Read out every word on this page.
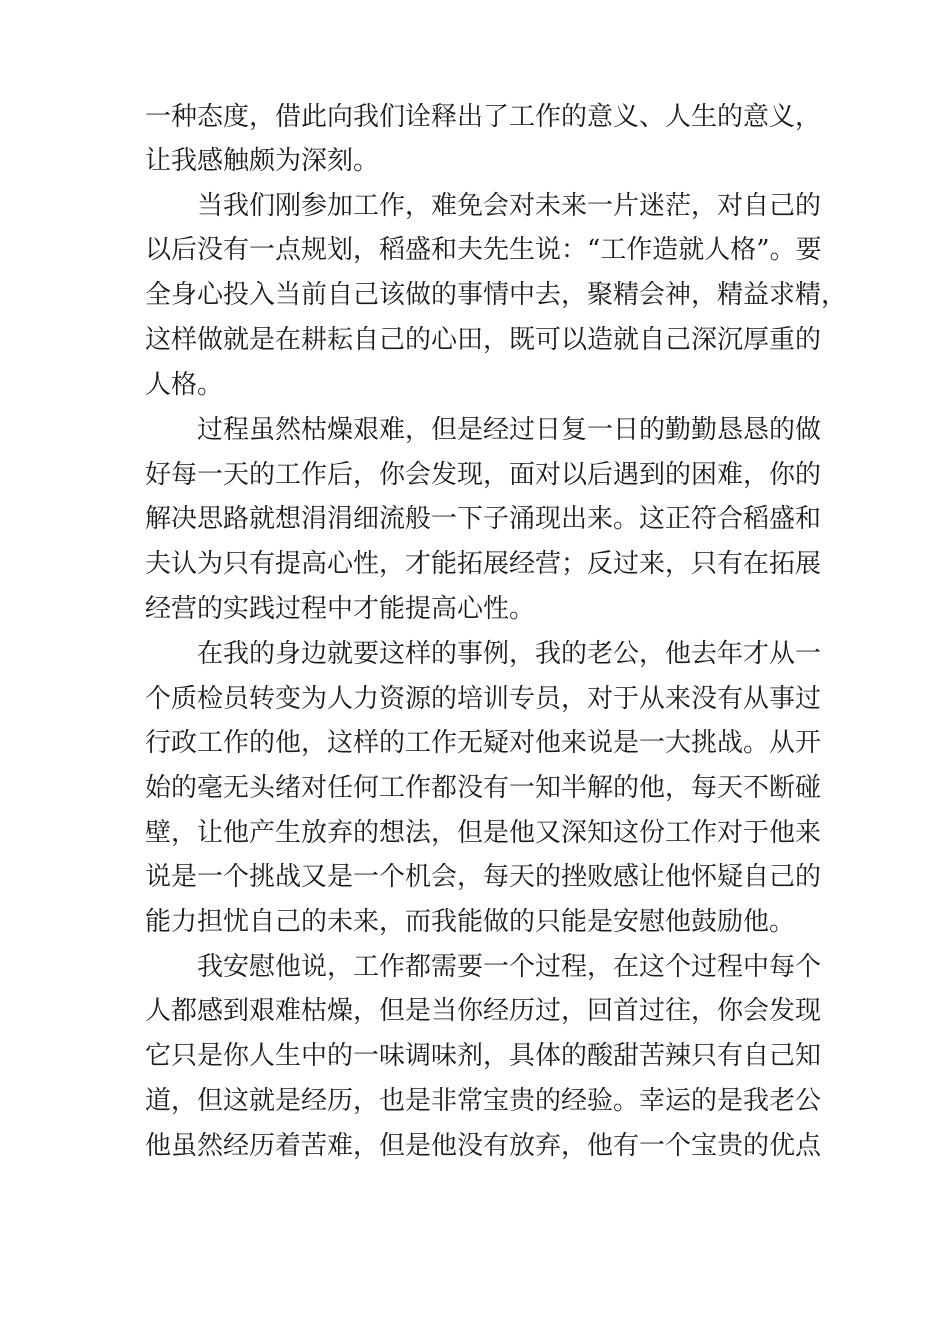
一种态度，借此向我们诠释出了工作的意义、人生的意义，
让我感触颇为深刻。
当我们刚参加工作，难免会对未来一片迷茫，对自己的
以后没有一点规划，稻盛和夫先生说：“工作造就人格”。要
全身心投入当前自己该做的事情中去，聚精会神，精益求精，
这样做就是在耕耘自己的心田，既可以造就自己深沉厚重的
人格。
过程虽然枯燥艰难，但是经过日复一日的勤勤恳恳的做
好每一天的工作后，你会发现，面对以后遇到的困难，你的
解决思路就想涓涓细流般一下子涌现出来。这正符合稻盛和
夫认为只有提高心性，才能拓展经营；反过来，只有在拓展
经营的实践过程中才能提高心性。
在我的身边就要这样的事例，我的老公，他去年才从一
个质检员转变为人力资源的培训专员，对于从来没有从事过
行政工作的他，这样的工作无疑对他来说是一大挑战。从开
始的毫无头绪对任何工作都没有一知半解的他，每天不断碰
壁，让他产生放弃的想法，但是他又深知这份工作对于他来
说是一个挑战又是一个机会，每天的挫败感让他怀疑自己的
能力担忧自己的未来，而我能做的只能是安慰他鼓励他。
我安慰他说，工作都需要一个过程，在这个过程中每个
人都感到艰难枯燥，但是当你经历过，回首过往，你会发现
它只是你人生中的一味调味剂，具体的酸甜苦辣只有自己知
道，但这就是经历，也是非常宝贵的经验。幸运的是我老公
他虽然经历着苦难，但是他没有放弃，他有一个宝贵的优点
